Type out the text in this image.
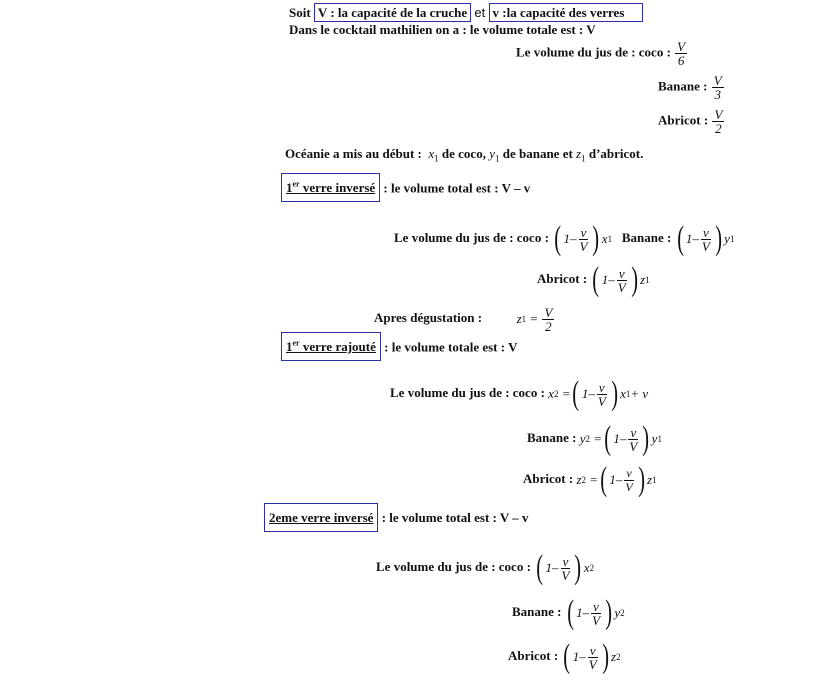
Soit V : la capacité de la cruche et v :la capacité des verres
Dans le cocktail mathilien on a : le volume totale est : V
Le volume du jus de : coco : $\frac{V}{6}$
Banane : $\frac{V}{3}$
Abricot : $\frac{V}{2}$
Océanie a mis au début : $x_1$ de coco, $y_1$ de banane et $z_1$ d’abricot.
1er verre inversé : le volume total est : V – v
Le volume du jus de : coco : ( $1 - \frac{v}{V}$ ) x 1 Banane : ( $1 - \frac{v}{V}$ ) y 1
Abricot : ( $1 - \frac{v}{V}$ ) z 1
Apres dégustation :	z 1
=
$\frac{V}{2}$
1er verre rajouté : le volume totale est : V
Le volume du jus de : coco : x 2
= ( $1 - \frac{v}{V}$ ) x 1 + v
Banane : y 2
= ( $1 - \frac{v}{V}$ ) y 1
Abricot : z 2
= ( $1 - \frac{v}{V}$ ) z 1
2eme verre inversé : le volume total est : V – v
Le volume du jus de : coco : ( $1 - \frac{v}{V}$ ) x 2
Banane : ( $1 - \frac{v}{V}$ ) y 2
Abricot : ( $1 - \frac{v}{V}$ ) z 2
